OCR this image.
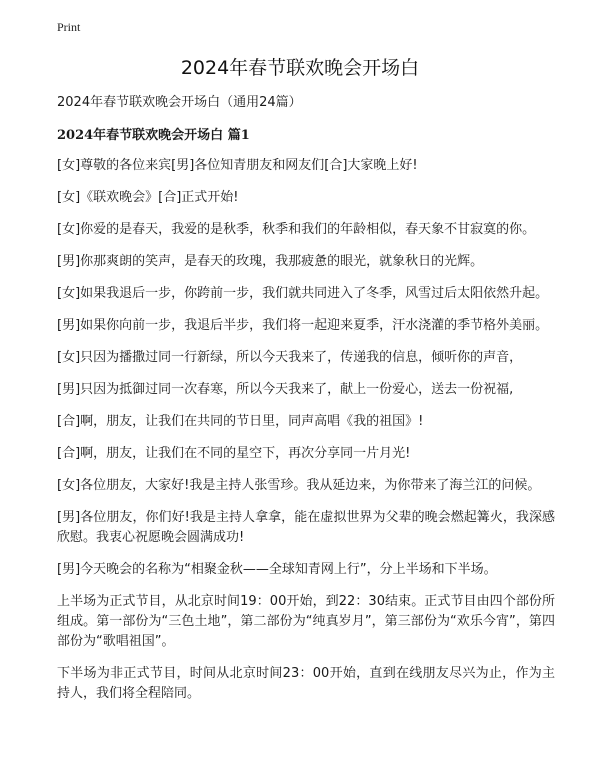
Print
2024年春节联欢晚会开场白

2024年春节联欢晚会开场白（通用24篇）

2024年春节联欢晚会开场白 篇1

[女]尊敬的各位来宾[男]各位知青朋友和网友们[合]大家晚上好!

[女]《联欢晚会》[合]正式开始!

[女]你爱的是春天，我爱的是秋季，秋季和我们的年龄相似，春天象不甘寂寞的你。

[男]你那爽朗的笑声，是春天的玫瑰，我那疲惫的眼光，就象秋日的光辉。

[女]如果我退后一步，你跨前一步，我们就共同进入了冬季，风雪过后太阳依然升起。

[男]如果你向前一步，我退后半步，我们将一起迎来夏季，汗水浇灌的季节格外美丽。

[女]只因为播撒过同一行新绿，所以今天我来了，传递我的信息，倾听你的声音，

[男]只因为抵御过同一次春寒，所以今天我来了，献上一份爱心，送去一份祝福,

[合]啊，朋友，让我们在共同的节日里，同声高唱《我的祖国》!

[合]啊，朋友，让我们在不同的星空下，再次分享同一片月光!

[女]各位朋友，大家好!我是主持人张雪珍。我从延边来，为你带来了海兰江的问候。

[男]各位朋友，你们好!我是主持人拿拿，能在虚拟世界为父辈的晚会燃起篝火，我深感欣慰。我衷心祝愿晚会圆满成功!

[男]今天晚会的名称为“相聚金秋——全球知青网上行”，分上半场和下半场。

上半场为正式节目，从北京时间19：00开始，到22：30结束。正式节目由四个部份所组成。第一部份为“三色土地”，第二部份为“纯真岁月”，第三部份为“欢乐今宵”，第四部份为“歌唱祖国”。

下半场为非正式节目，时间从北京时间23：00开始，直到在线朋友尽兴为止，作为主持人，我们将全程陪同。
